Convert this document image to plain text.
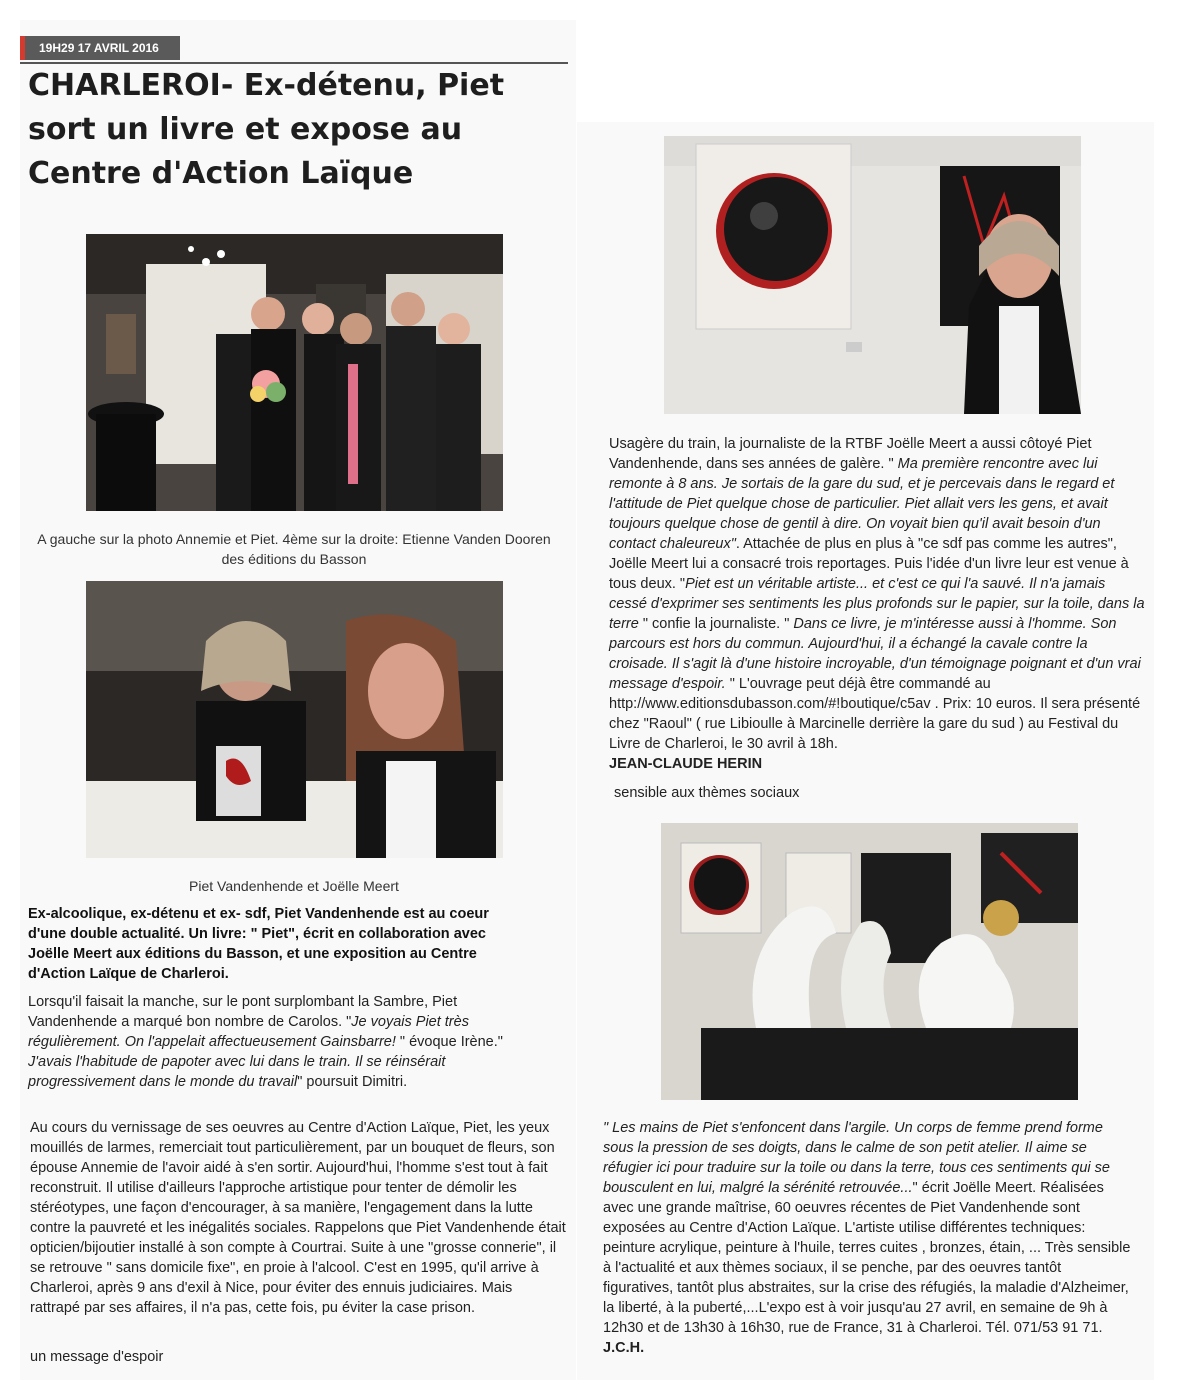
19H29 17 AVRIL 2016
CHARLEROI- Ex-détenu, Piet sort un livre et expose au Centre d'Action Laïque
A gauche sur la photo Annemie et Piet. 4ème sur la droite: Etienne Vanden Dooren des éditions du Basson
Piet Vandenhende et Joëlle Meert

Ex-alcoolique, ex-détenu et ex- sdf, Piet Vandenhende est au coeur d'une double actualité. Un livre: " Piet", écrit en collaboration avec Joëlle Meert aux éditions du Basson, et une exposition au Centre d'Action Laïque de Charleroi.

Lorsqu'il faisait la manche, sur le pont surplombant la Sambre, Piet Vandenhende a marqué bon nombre de Carolos. "Je voyais Piet très régulièrement. On l'appelait affectueusement Gainsbarre! " évoque Irène." J'avais l'habitude de papoter avec lui dans le train. Il se réinsérait progressivement dans le monde du travail" poursuit Dimitri.

Au cours du vernissage de ses oeuvres au Centre d'Action Laïque, Piet, les yeux mouillés de larmes, remerciait tout particulièrement, par un bouquet de fleurs, son épouse Annemie de l'avoir aidé à s'en sortir. Aujourd'hui, l'homme s'est tout à fait reconstruit. Il utilise d'ailleurs l'approche artistique pour tenter de démolir les stéréotypes, une façon d'encourager, à sa manière, l'engagement dans la lutte contre la pauvreté et les inégalités sociales. Rappelons que Piet Vandenhende était opticien/bijoutier installé à son compte à Courtrai. Suite à une "grosse connerie", il se retrouve " sans domicile fixe", en proie à l'alcool. C'est en 1995, qu'il arrive à Charleroi, après 9 ans d'exil à Nice, pour éviter des ennuis judiciaires. Mais rattrapé par ses affaires, il n'a pas, cette fois, pu éviter la case prison.

un message d'espoir

Usagère du train, la journaliste de la RTBF Joëlle Meert a aussi côtoyé Piet Vandenhende, dans ses années de galère. " Ma première rencontre avec lui remonte à 8 ans. Je sortais de la gare du sud, et je percevais dans le regard et l'attitude de Piet quelque chose de particulier. Piet allait vers les gens, et avait toujours quelque chose de gentil à dire. On voyait bien qu'il avait besoin d'un contact chaleureux". Attachée de plus en plus à "ce sdf pas comme les autres", Joëlle Meert lui a consacré trois reportages. Puis l'idée d'un livre leur est venue à tous deux. "Piet est un véritable artiste... et c'est ce qui l'a sauvé. Il n'a jamais cessé d'exprimer ses sentiments les plus profonds sur le papier, sur la toile, dans la terre " confie la journaliste. " Dans ce livre, je m'intéresse aussi à l'homme. Son parcours est hors du commun. Aujourd'hui, il a échangé la cavale contre la croisade. Il s'agit là d'une histoire incroyable, d'un témoignage poignant et d'un vrai message d'espoir. " L'ouvrage peut déjà être commandé au http://www.editionsdubasson.com/#!boutique/c5av . Prix: 10 euros. Il sera présenté chez "Raoul" ( rue Libioulle à Marcinelle derrière la gare du sud ) au Festival du Livre de Charleroi, le 30 avril à 18h.

JEAN-CLAUDE HERIN
sensible aux thèmes sociaux

" Les mains de Piet s'enfoncent dans l'argile. Un corps de femme prend forme sous la pression de ses doigts, dans le calme de son petit atelier. Il aime se réfugier ici pour traduire sur la toile ou dans la terre, tous ces sentiments qui se bousculent en lui, malgré la sérénité retrouvée..." écrit Joëlle Meert. Réalisées avec une grande maîtrise, 60 oeuvres récentes de Piet Vandenhende sont exposées au Centre d'Action Laïque. L'artiste utilise différentes techniques: peinture acrylique, peinture à l'huile, terres cuites , bronzes, étain, ... Très sensible à l'actualité et aux thèmes sociaux, il se penche, par des oeuvres tantôt figuratives, tantôt plus abstraites, sur la crise des réfugiés, la maladie d'Alzheimer, la liberté, à la puberté,...L'expo est à voir jusqu'au 27 avril, en semaine de 9h à 12h30 et de 13h30 à 16h30, rue de France, 31 à Charleroi. Tél. 071/53 91 71. J.C.H.
